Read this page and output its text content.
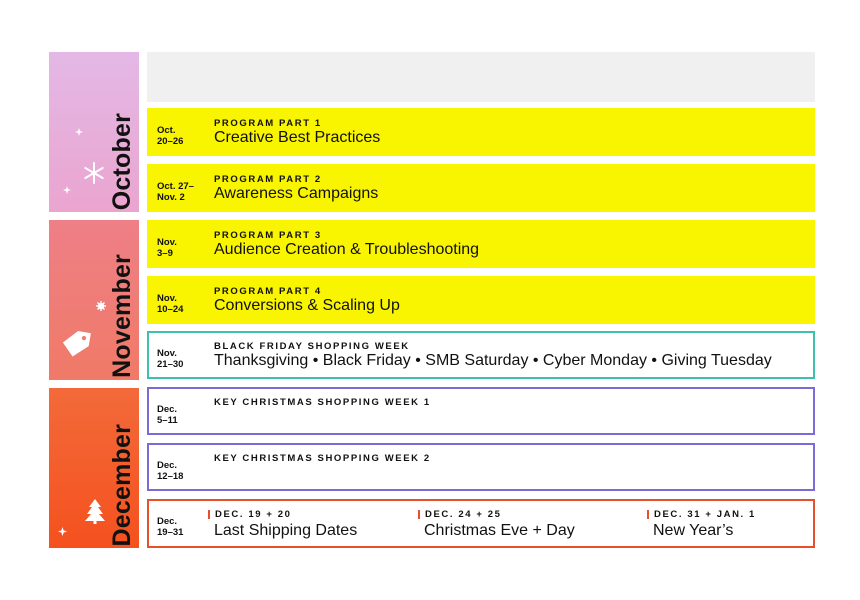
October
November
December
Oct.
20–26
PROGRAM PART 1
Creative Best Practices
Oct. 27–
Nov. 2
PROGRAM PART 2
Awareness Campaigns
Nov.
3–9
PROGRAM PART 3
Audience Creation & Troubleshooting
Nov.
10–24
PROGRAM PART 4
Conversions & Scaling Up
Nov.
21–30
BLACK FRIDAY SHOPPING WEEK
Thanksgiving • Black Friday • SMB Saturday • Cyber Monday • Giving Tuesday
Dec.
5–11
KEY CHRISTMAS SHOPPING WEEK 1
Dec.
12–18
KEY CHRISTMAS SHOPPING WEEK 2
Dec.
19–31
DEC. 19 + 20
Last Shipping Dates
DEC. 24 + 25
Christmas Eve + Day
DEC. 31 + JAN. 1
New Year’s
